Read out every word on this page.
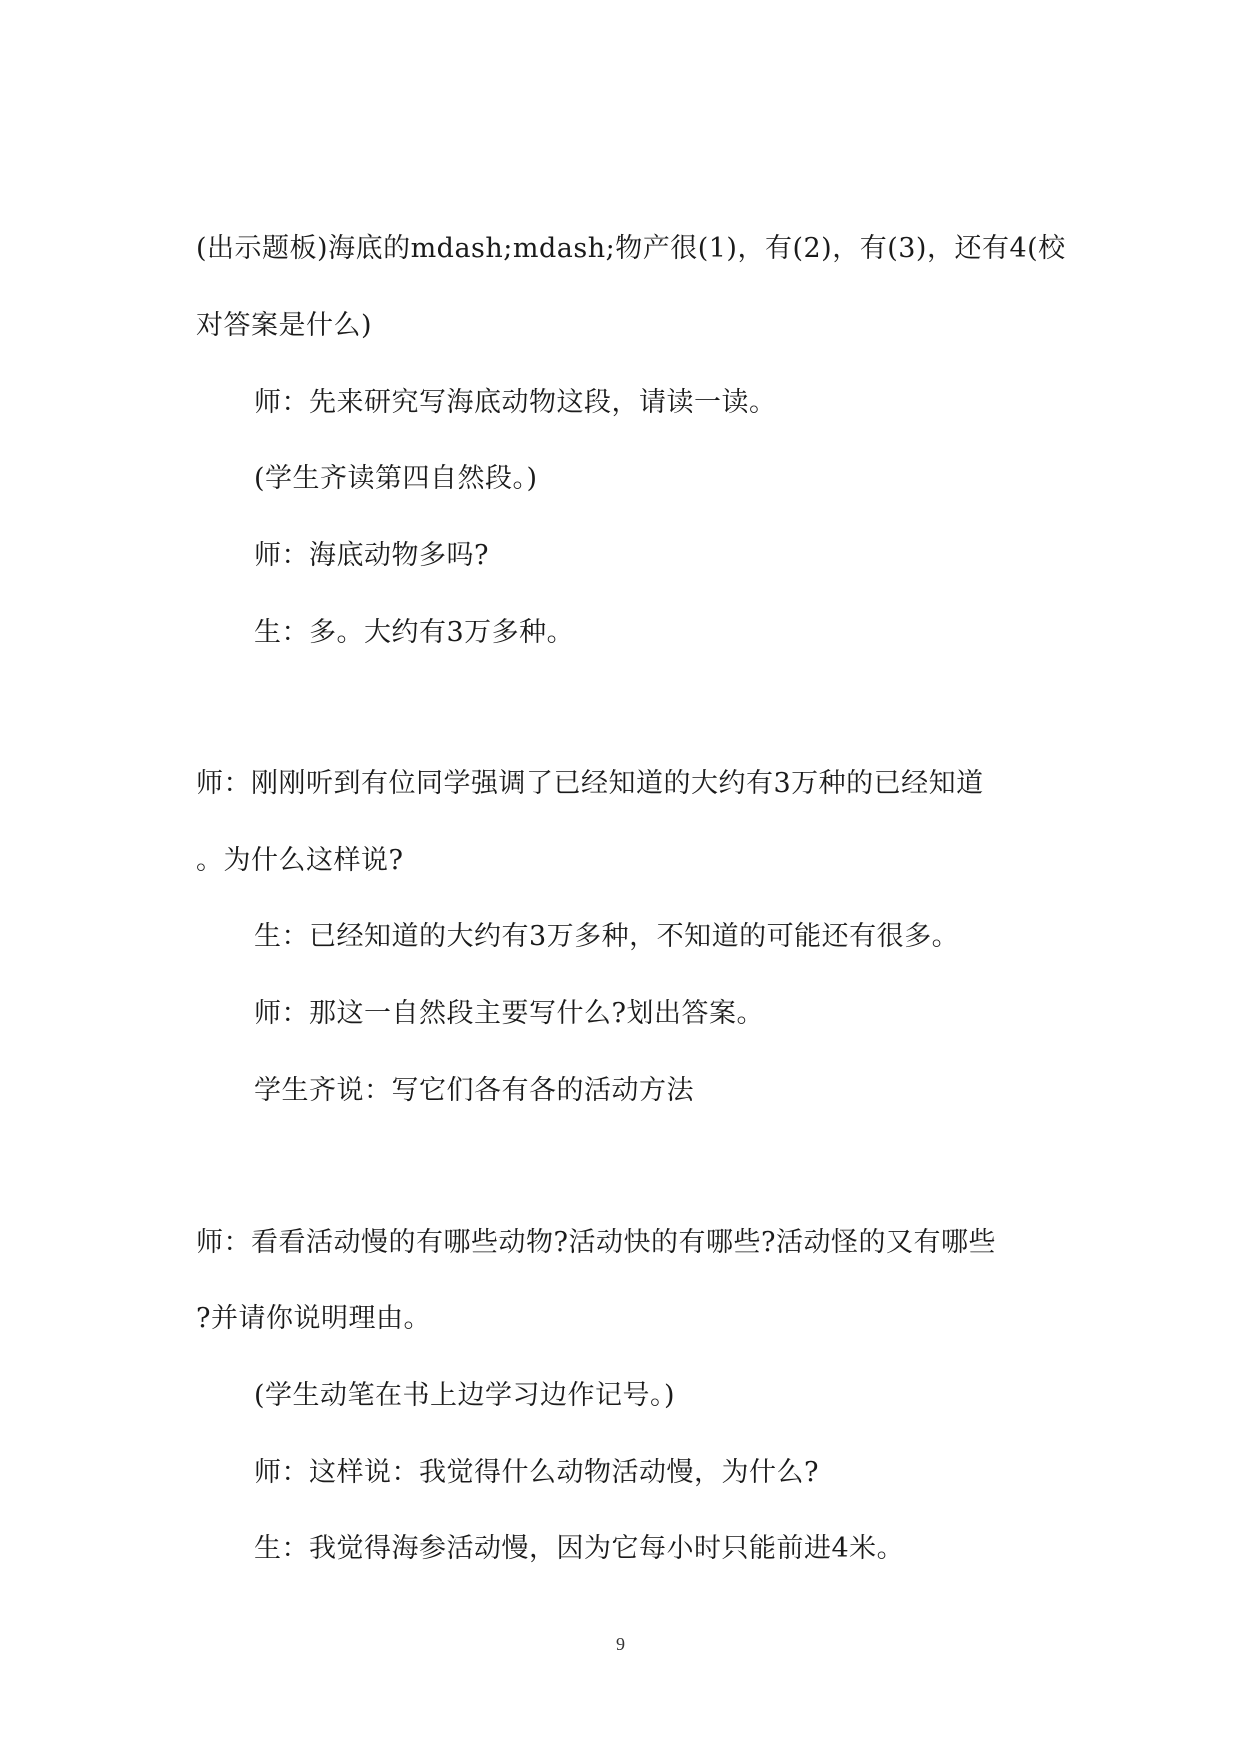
(出示题板)海底的mdash;mdash;物产很(1)，有(2)，有(3)，还有4(校
对答案是什么)
师：先来研究写海底动物这段，请读一读。
(学生齐读第四自然段。)
师：海底动物多吗?
生：多。大约有3万多种。
师：刚刚听到有位同学强调了已经知道的大约有3万种的已经知道
。为什么这样说?
生：已经知道的大约有3万多种，不知道的可能还有很多。
师：那这一自然段主要写什么?划出答案。
学生齐说：写它们各有各的活动方法
师：看看活动慢的有哪些动物?活动快的有哪些?活动怪的又有哪些
?并请你说明理由。
(学生动笔在书上边学习边作记号。)
师：这样说：我觉得什么动物活动慢，为什么?
生：我觉得海参活动慢，因为它每小时只能前进4米。
9
